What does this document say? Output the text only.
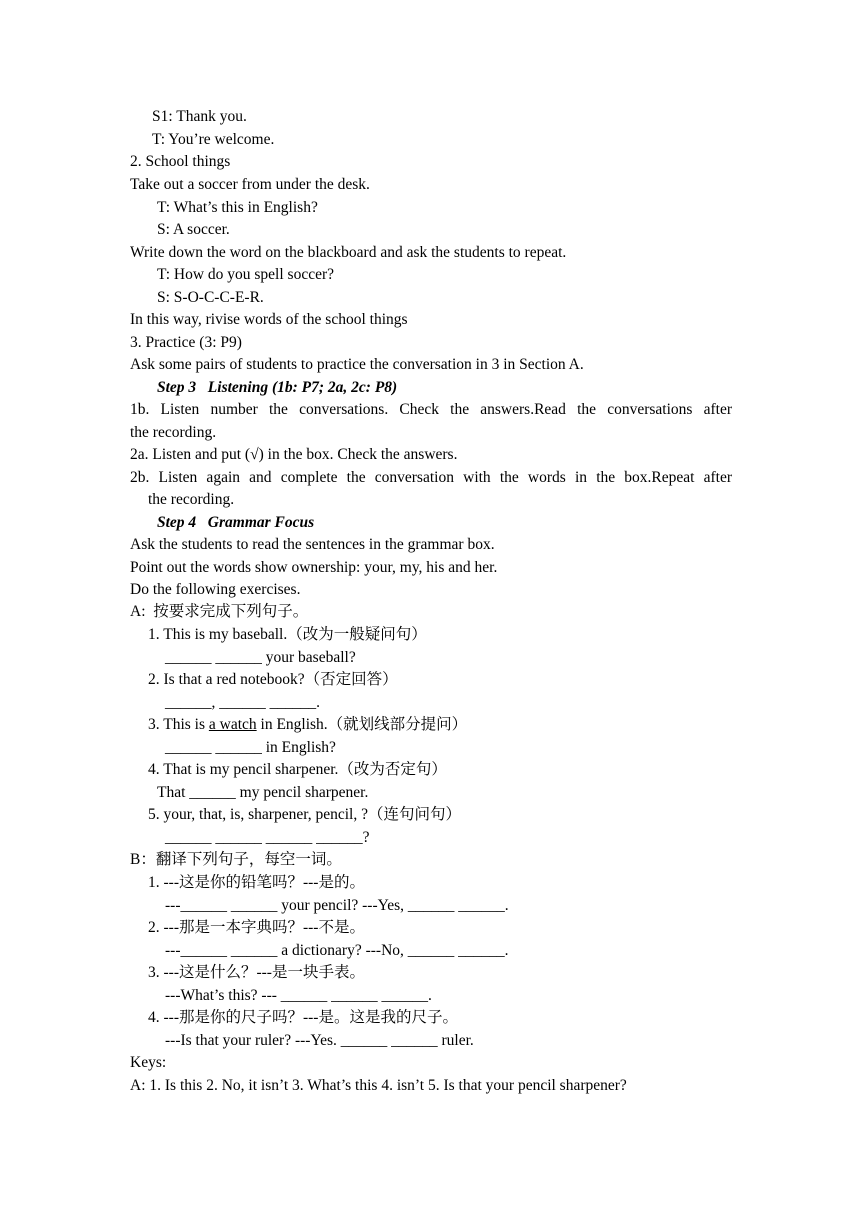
S1: Thank you.
T: You’re welcome.
2. School things
Take out a soccer from under the desk.
T: What’s this in English?
S: A soccer.
Write down the word on the blackboard and ask the students to repeat.
T: How do you spell soccer?
S: S-O-C-C-E-R.
In this way, rivise words of the school things
3. Practice (3: P9)
Ask some pairs of students to practice the conversation in 3 in Section A.
Step 3   Listening (1b: P7; 2a, 2c: P8)
1b. Listen number the conversations. Check the answers.Read the conversations after
the recording.
2a. Listen and put (√) in the box. Check the answers.
2b. Listen again and complete the conversation with the words in the box.Repeat after
the recording.
Step 4   Grammar Focus
Ask the students to read the sentences in the grammar box.
Point out the words show ownership: your, my, his and her.
Do the following exercises.
A:  按要求完成下列句子。
1. This is my baseball.（改为一般疑问句）
______ ______ your baseball?
2. Is that a red notebook?（否定回答）
______, ______ ______.
3. This is a watch in English.（就划线部分提问）
______ ______ in English?
4. That is my pencil sharpener.（改为否定句）
That ______ my pencil sharpener.
5. your, that, is, sharpener, pencil, ?（连句问句）
______ ______ ______ ______?
B：翻译下列句子，每空一词。
1. ---这是你的铅笔吗？---是的。
---______ ______ your pencil? ---Yes, ______ ______.
2. ---那是一本字典吗？---不是。
---______ ______ a dictionary? ---No, ______ ______.
3. ---这是什么？---是一块手表。
---What’s this? --- ______ ______ ______.
4. ---那是你的尺子吗？---是。这是我的尺子。
---Is that your ruler? ---Yes. ______ ______ ruler.
Keys:
A: 1. Is this 2. No, it isn’t 3. What’s this 4. isn’t 5. Is that your pencil sharpener?
